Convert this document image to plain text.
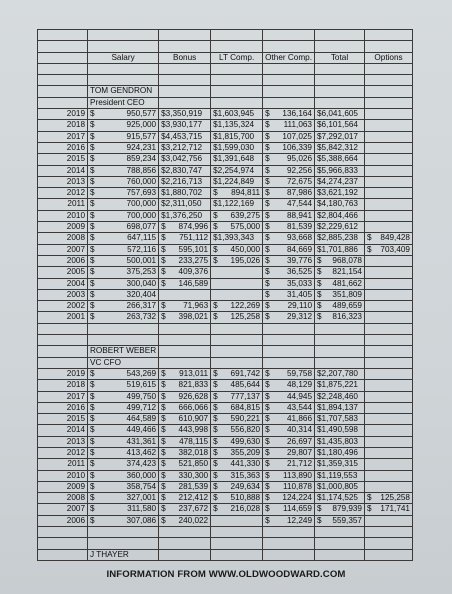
	Salary	Bonus	LT Comp.	Other Comp.	Total	Options

	TOM GENDRON					
	President CEO					
2019	$ 950,577	$3,350,919	$1,603,945	$ 136,164	$6,041,605	
2018	$ 925,000	$3,930,177	$1,135,324	$ 111,063	$6,101,564	
2017	$ 915,577	$4,453,715	$1,815,700	$ 107,025	$7,292,017	
2016	$ 924,231	$3,212,712	$1,599,030	$ 106,339	$5,842,312	
2015	$ 859,234	$3,042,756	$1,391,648	$ 95,026	$5,388,664	
2014	$ 788,856	$2,830,747	$2,254,974	$ 92,256	$5,966,833	
2013	$ 760,000	$2,216,713	$1,224,849	$ 72,675	$4,274,237	
2012	$ 757,693	$1,880,702	$ 894,811	$ 87,986	$3,621,192	
2011	$ 700,000	$2,311,050	$1,122,169	$ 47,544	$4,180,763	
2010	$ 700,000	$1,376,250	$ 639,275	$ 88,941	$2,804,466	
2009	$ 698,077	$ 874,996	$ 575,000	$ 81,539	$2,229,612	
2008	$ 647,115	$ 751,112	$1,393,343	$ 93,668	$2,885,238	$ 849,428

2007	$ 572,116	$ 595,101	$ 450,000	$ 84,669	$1,701,886	$ 703,409

2006	$ 500,001	$ 233,275	$ 195,026	$ 39,776	$ 968,078	

2005	$ 375,253	$ 409,376		$ 36,525	$ 821,154	

2004	$ 300,040	$ 146,589		$ 35,033	$ 481,662	

2003	$ 320,404			$ 31,405	$ 351,809	

2002	$ 266,317	$ 71,963	$ 122,269	$ 29,110	$ 489,659	

2001	$ 263,732	$ 398,021	$ 125,258	$ 29,312	$ 816,323	

	ROBERT WEBER					
	VC CFO					
2019	$ 543,269	$ 913,011	$ 691,742	$ 59,758	$2,207,780	
2018	$ 519,615	$ 821,833	$ 485,644	$ 48,129	$1,875,221	
2017	$ 499,750	$ 926,628	$ 777,137	$ 44,945	$2,248,460	
2016	$ 499,712	$ 666,066	$ 684,815	$ 43,544	$1,894,137	
2015	$ 464,589	$ 610,907	$ 590,221	$ 41,866	$1,707,583	
2014	$ 449,466	$ 443,998	$ 556,820	$ 40,314	$1,490,598	
2013	$ 431,361	$ 478,115	$ 499,630	$ 26,697	$1,435,803	
2012	$ 413,462	$ 382,018	$ 355,209	$ 29,807	$1,180,496	
2011	$ 374,423	$ 521,850	$ 441,330	$ 21,712	$1,359,315	
2010	$ 360,000	$ 330,300	$ 315,363	$ 113,890	$1,119,553	
2009	$ 358,754	$ 281,539	$ 249,634	$ 110,878	$1,000,805	
2008	$ 327,001	$ 212,412	$ 510,888	$ 124,224	$1,174,525	$ 125,258

2007	$ 311,580	$ 237,672	$ 216,028	$ 114,659	$ 879,939	$ 171,741

2006	$ 307,086	$ 240,022		$ 12,249	$ 559,357	

	J THAYER					
INFORMATION FROM WWW.OLDWOODWARD.COM
